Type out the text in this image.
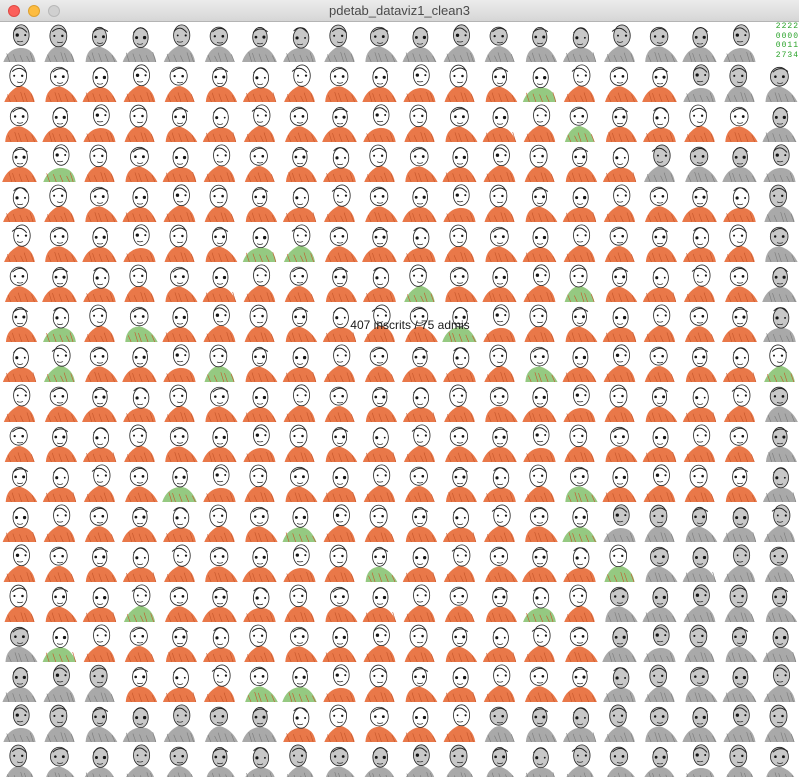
pdetab_dataviz1_clean3
2222
0000
0011
2734
407 inscrits / 75 admis
